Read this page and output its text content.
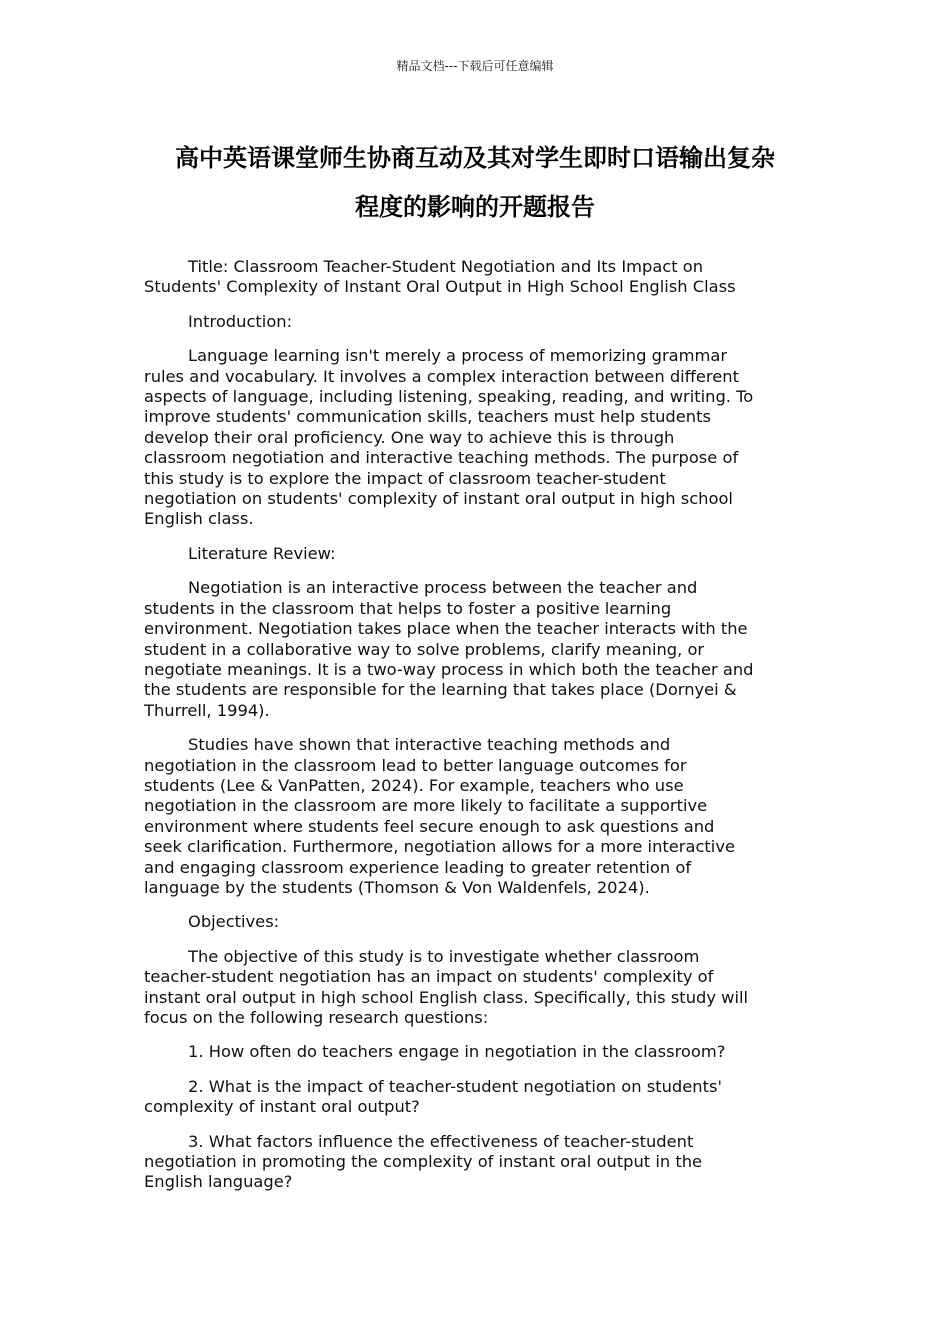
精品文档---下载后可任意编辑
高中英语课堂师生协商互动及其对学生即时口语输出复杂
程度的影响的开题报告

Title: Classroom Teacher-Student Negotiation and Its Impact on
Students' Complexity of Instant Oral Output in High School English Class

Introduction:

Language learning isn't merely a process of memorizing grammar
rules and vocabulary. It involves a complex interaction between different
aspects of language, including listening, speaking, reading, and writing. To
improve students' communication skills, teachers must help students
develop their oral proficiency. One way to achieve this is through
classroom negotiation and interactive teaching methods. The purpose of
this study is to explore the impact of classroom teacher-student
negotiation on students' complexity of instant oral output in high school
English class.

Literature Review:

Negotiation is an interactive process between the teacher and
students in the classroom that helps to foster a positive learning
environment. Negotiation takes place when the teacher interacts with the
student in a collaborative way to solve problems, clarify meaning, or
negotiate meanings. It is a two-way process in which both the teacher and
the students are responsible for the learning that takes place (Dornyei &
Thurrell, 1994).

Studies have shown that interactive teaching methods and
negotiation in the classroom lead to better language outcomes for
students (Lee & VanPatten, 2024). For example, teachers who use
negotiation in the classroom are more likely to facilitate a supportive
environment where students feel secure enough to ask questions and
seek clarification. Furthermore, negotiation allows for a more interactive
and engaging classroom experience leading to greater retention of
language by the students (Thomson & Von Waldenfels, 2024).

Objectives:

The objective of this study is to investigate whether classroom
teacher-student negotiation has an impact on students' complexity of
instant oral output in high school English class. Specifically, this study will
focus on the following research questions:

1. How often do teachers engage in negotiation in the classroom?

2. What is the impact of teacher-student negotiation on students'
complexity of instant oral output?

3. What factors influence the effectiveness of teacher-student
negotiation in promoting the complexity of instant oral output in the
English language?
